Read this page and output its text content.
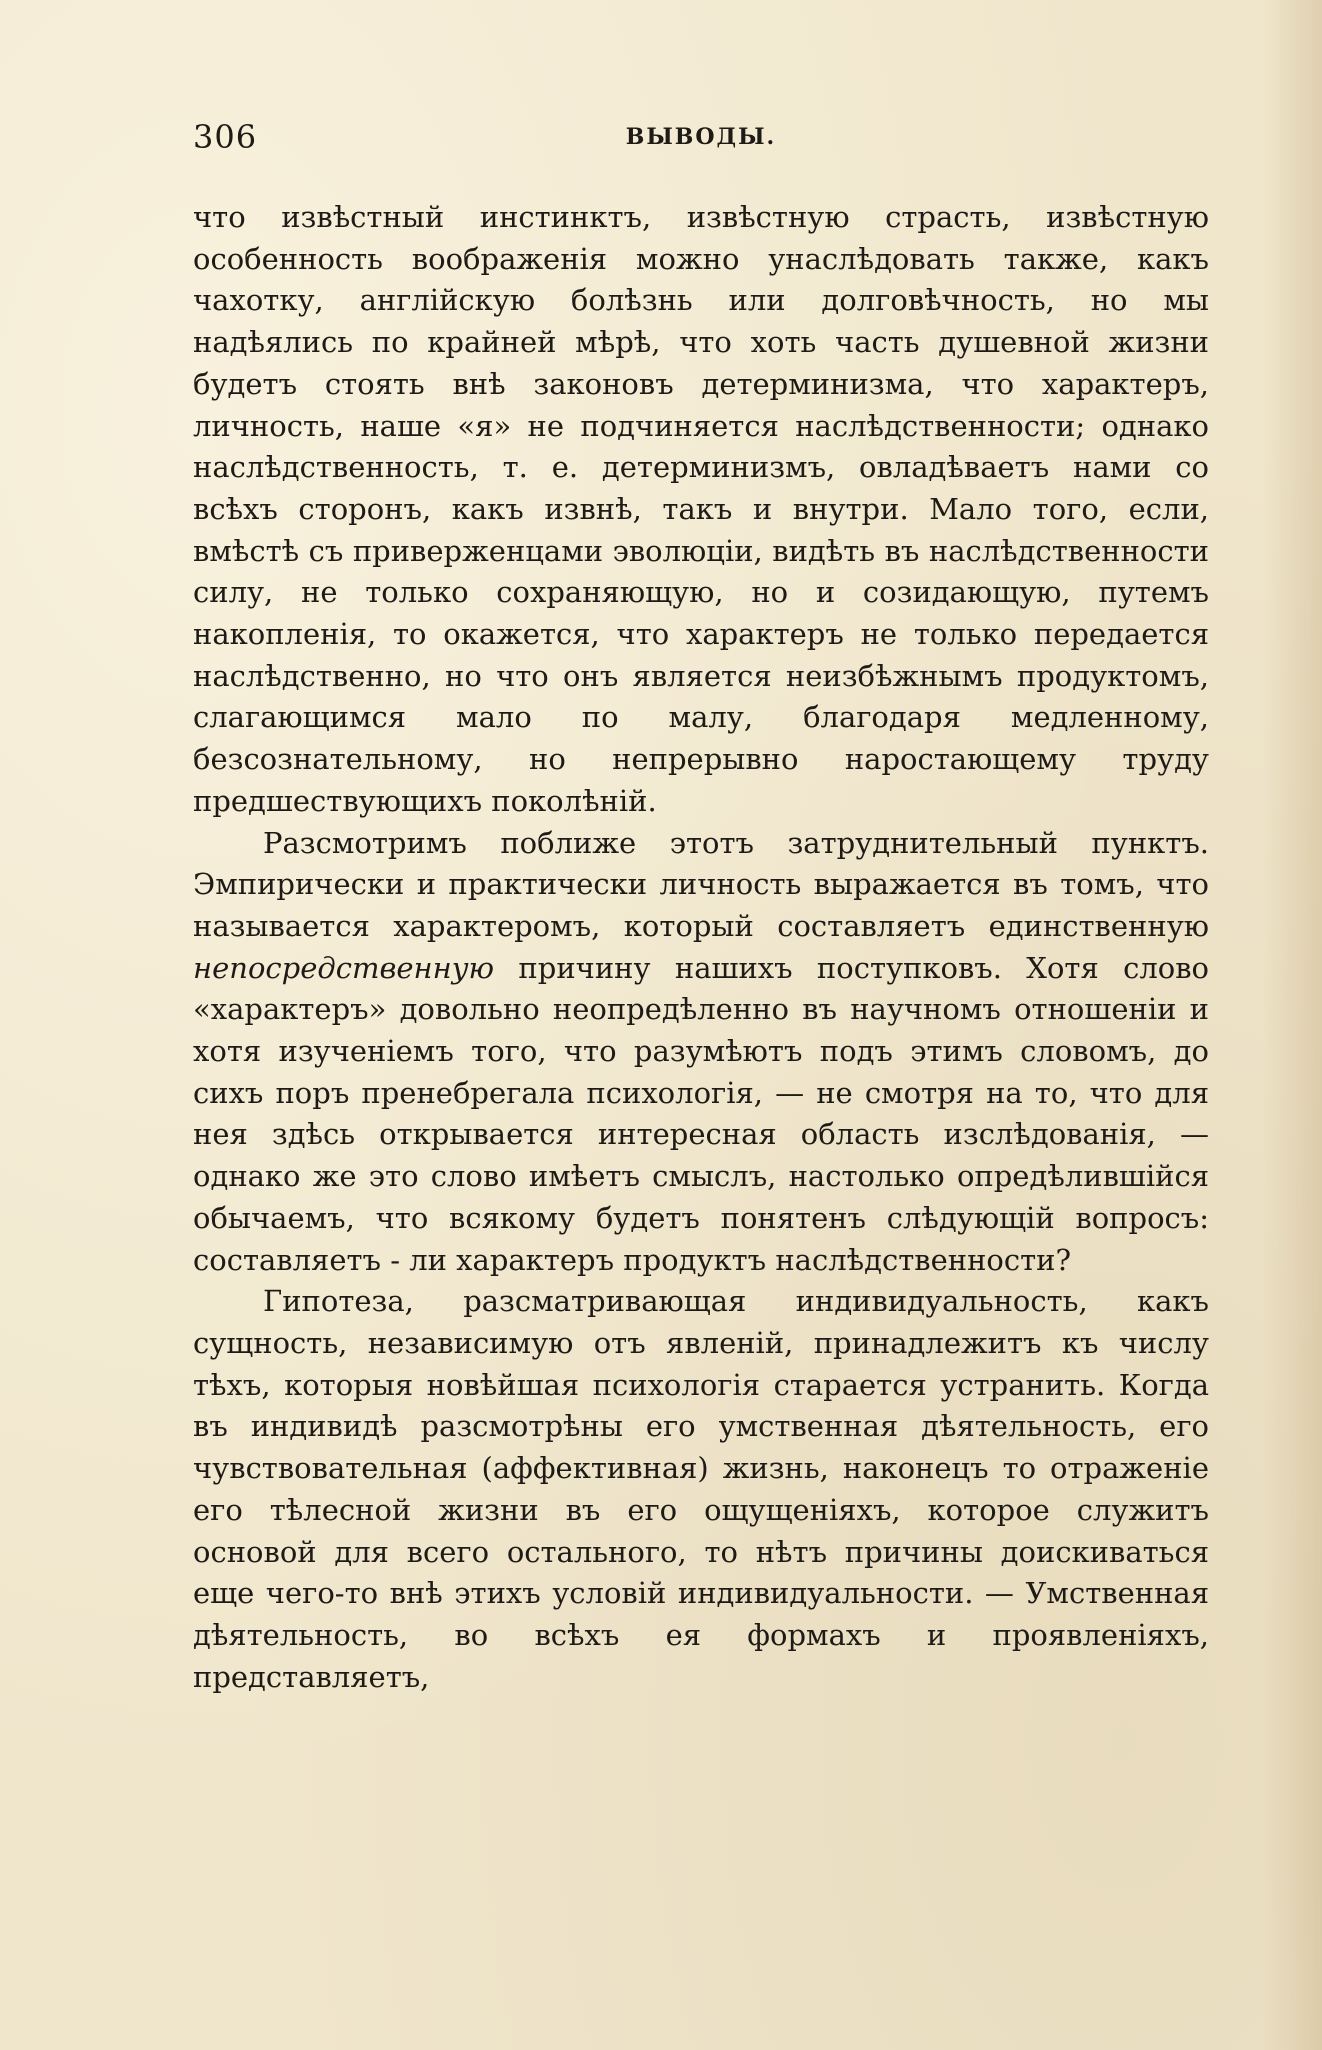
306	ВЫВОДЫ.

что извѣстный инстинктъ, извѣстную страсть, извѣстную особенность воображенія можно унаслѣдовать также, какъ чахотку, англійскую болѣзнь или долговѣчность, но мы надѣялись по крайней мѣрѣ, что хоть часть душевной жизни будетъ стоять внѣ законовъ детерминизма, что характеръ, личность, наше «я» не подчиняется наслѣдственности; однако наслѣдственность, т. е. детерминизмъ, овладѣваетъ нами со всѣхъ сторонъ, какъ извнѣ, такъ и внутри. Мало того, если, вмѣстѣ съ приверженцами эволюціи, видѣть въ наслѣдственности силу, не только сохраняющую, но и созидающую, путемъ накопленія, то окажется, что характеръ не только передается наслѣдственно, но что онъ является неизбѣжнымъ продуктомъ, слагающимся мало по малу, благодаря медленному, безсознательному, но непрерывно наростающему труду предшествующихъ поколѣній.

Разсмотримъ поближе этотъ затруднительный пунктъ. Эмпирически и практически личность выражается въ томъ, что называется характеромъ, который составляетъ единственную непосредственную причину нашихъ поступковъ. Хотя слово «характеръ» довольно неопредѣленно въ научномъ отношеніи и хотя изученіемъ того, что разумѣютъ подъ этимъ словомъ, до сихъ поръ пренебрегала психологія, — не смотря на то, что для нея здѣсь открывается интересная область изслѣдованія, — однако же это слово имѣетъ смыслъ, настолько опредѣлившійся обычаемъ, что всякому будетъ понятенъ слѣдующій вопросъ: составляетъ - ли характеръ продуктъ наслѣдственности?

Гипотеза, разсматривающая индивидуальность, какъ сущность, независимую отъ явленій, принадлежитъ къ числу тѣхъ, которыя новѣйшая психологія старается устранить. Когда въ индивидѣ разсмотрѣны его умственная дѣятельность, его чувствовательная (аффективная) жизнь, наконецъ то отраженіе его тѣлесной жизни въ его ощущеніяхъ, которое служитъ основой для всего остального, то нѣтъ причины доискиваться еще чего-то внѣ этихъ условій индивидуальности. — Умственная дѣятельность, во всѣхъ ея формахъ и проявленіяхъ, представляетъ,
